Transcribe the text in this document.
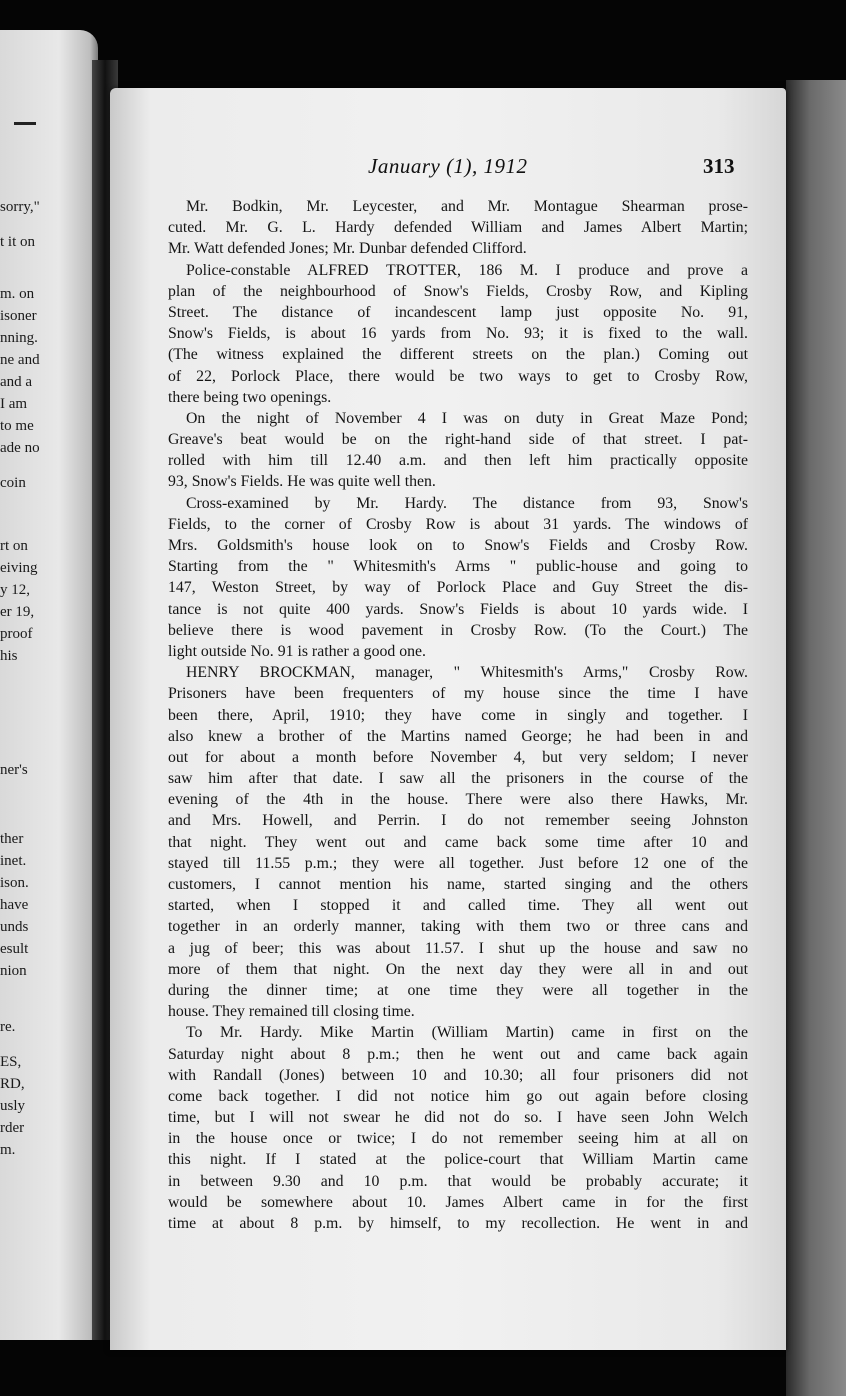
sorry,"
t it on
m. on
isoner
nning.
ne and
and a
I am
to me
ade no
coin
rt on
eiving
y 12,
er 19,
proof
his
ner's
ther
inet.
ison.
have
unds
esult
nion
re.
ES,
RD,
usly
rder
m.
January (1), 1912	313
Mr. Bodkin, Mr. Leycester, and Mr. Montague Shearman prose-
cuted. Mr. G. L. Hardy defended William and James Albert Martin;
Mr. Watt defended Jones; Mr. Dunbar defended Clifford.
Police-constable ALFRED TROTTER, 186 M. I produce and prove a
plan of the neighbourhood of Snow's Fields, Crosby Row, and Kipling
Street. The distance of incandescent lamp just opposite No. 91,
Snow's Fields, is about 16 yards from No. 93; it is fixed to the wall.
(The witness explained the different streets on the plan.) Coming out
of 22, Porlock Place, there would be two ways to get to Crosby Row,
there being two openings.
On the night of November 4 I was on duty in Great Maze Pond;
Greave's beat would be on the right-hand side of that street. I pat-
rolled with him till 12.40 a.m. and then left him practically opposite
93, Snow's Fields. He was quite well then.
Cross-examined by Mr. Hardy. The distance from 93, Snow's
Fields, to the corner of Crosby Row is about 31 yards. The windows of
Mrs. Goldsmith's house look on to Snow's Fields and Crosby Row.
Starting from the " Whitesmith's Arms " public-house and going to
147, Weston Street, by way of Porlock Place and Guy Street the dis-
tance is not quite 400 yards. Snow's Fields is about 10 yards wide. I
believe there is wood pavement in Crosby Row. (To the Court.) The
light outside No. 91 is rather a good one.
HENRY BROCKMAN, manager, " Whitesmith's Arms," Crosby Row.
Prisoners have been frequenters of my house since the time I have
been there, April, 1910; they have come in singly and together. I
also knew a brother of the Martins named George; he had been in and
out for about a month before November 4, but very seldom; I never
saw him after that date. I saw all the prisoners in the course of the
evening of the 4th in the house. There were also there Hawks, Mr.
and Mrs. Howell, and Perrin. I do not remember seeing Johnston
that night. They went out and came back some time after 10 and
stayed till 11.55 p.m.; they were all together. Just before 12 one of the
customers, I cannot mention his name, started singing and the others
started, when I stopped it and called time. They all went out
together in an orderly manner, taking with them two or three cans and
a jug of beer; this was about 11.57. I shut up the house and saw no
more of them that night. On the next day they were all in and out
during the dinner time; at one time they were all together in the
house. They remained till closing time.
To Mr. Hardy. Mike Martin (William Martin) came in first on the
Saturday night about 8 p.m.; then he went out and came back again
with Randall (Jones) between 10 and 10.30; all four prisoners did not
come back together. I did not notice him go out again before closing
time, but I will not swear he did not do so. I have seen John Welch
in the house once or twice; I do not remember seeing him at all on
this night. If I stated at the police-court that William Martin came
in between 9.30 and 10 p.m. that would be probably accurate; it
would be somewhere about 10. James Albert came in for the first
time at about 8 p.m. by himself, to my recollection. He went in and
